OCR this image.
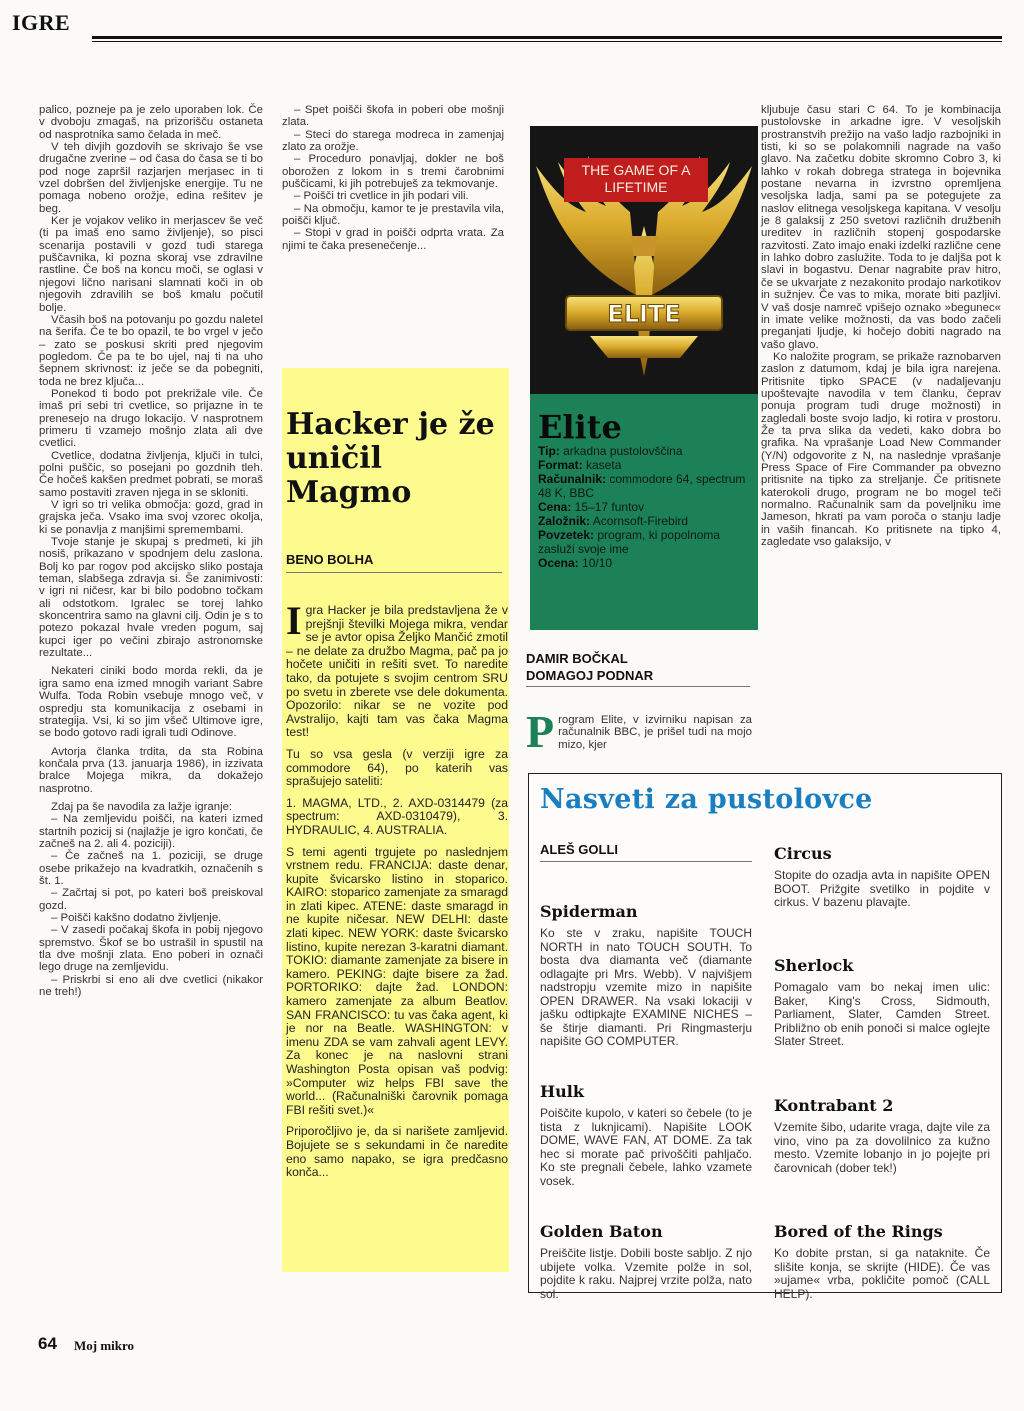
IGRE

palico, pozneje pa je zelo uporaben lok. Če v dvoboju zmagaš, na prizorišču ostaneta od nasprotnika samo čelada in meč.

V teh divjih gozdovih se skrivajo še vse drugačne zverine – od časa do časa se ti bo pod noge zapršil razjarjen merjasec in ti vzel dobršen del življenjske energije. Tu ne pomaga nobeno orožje, edina rešitev je beg.

Ker je vojakov veliko in merjascev še več (ti pa imaš eno samo življenje), so pisci scenarija postavili v gozd tudi starega puščavnika, ki pozna skoraj vse zdravilne rastline. Če boš na koncu moči, se oglasi v njegovi lično narisani slamnati koči in ob njegovih zdravilih se boš kmalu počutil bolje.

Včasih boš na potovanju po gozdu naletel na šerifa. Če te bo opazil, te bo vrgel v ječo – zato se poskusi skriti pred njegovim pogledom. Če pa te bo ujel, naj ti na uho šepnem skrivnost: iz ječe se da pobegniti, toda ne brez ključa...

Ponekod ti bodo pot prekrižale vile. Če imaš pri sebi tri cvetlice, so prijazne in te prenesejo na drugo lokacijo. V nasprotnem primeru ti vzamejo mošnjo zlata ali dve cvetlici.

Cvetlice, dodatna življenja, ključi in tulci, polni puščic, so posejani po gozdnih tleh. Če hočeš kakšen predmet pobrati, se moraš samo postaviti zraven njega in se skloniti.

V igri so tri velika območja: gozd, grad in grajska ječa. Vsako ima svoj vzorec okolja, ki se ponavlja z manjšimi spremembami.

Tvoje stanje je skupaj s predmeti, ki jih nosiš, prikazano v spodnjem delu zaslona. Bolj ko par rogov pod akcijsko sliko postaja teman, slabšega zdravja si. Še zanimivosti: v igri ni ničesr, kar bi bilo podobno točkam ali odstotkom. Igralec se torej lahko skoncentrira samo na glavni cilj. Odin je s to potezo pokazal hvale vreden pogum, saj kupci iger po večini zbirajo astronomske rezultate...

Nekateri ciniki bodo morda rekli, da je igra samo ena izmed mnogih variant Sabre Wulfa. Toda Robin vsebuje mnogo več, v ospredju sta komunikacija z osebami in strategija. Vsi, ki so jim všeč Ultimove igre, se bodo gotovo radi igrali tudi Odinove.

Avtorja članka trdita, da sta Robina končala prva (13. januarja 1986), in izzivata bralce Mojega mikra, da dokažejo nasprotno.

Zdaj pa še navodila za lažje igranje:

– Na zemljevidu poišči, na kateri izmed startnih pozicij si (najlažje je igro končati, če začneš na 2. ali 4. poziciji).

– Če začneš na 1. poziciji, se druge osebe prikažejo na kvadratkih, označenih s št. 1.

– Začrtaj si pot, po kateri boš preiskoval gozd.

– Poišči kakšno dodatno življenje.

– V zasedi počakaj škofa in pobij njegovo spremstvo. Škof se bo ustrašil in spustil na tla dve mošnji zlata. Eno poberi in označi lego druge na zemljevidu.

– Priskrbi si eno ali dve cvetlici (nikakor ne treh!)

– Spet poišči škofa in poberi obe mošnji zlata.

– Steci do starega modreca in zamenjaj zlato za orožje.

– Proceduro ponavljaj, dokler ne boš oborožen z lokom in s tremi čarobnimi puščicami, ki jih potrebuješ za tekmovanje.

– Poišči tri cvetlice in jih podari vili.

– Na območju, kamor te je prestavila vila, poišči ključ.

– Stopi v grad in poišči odprta vrata. Za njimi te čaka presenečenje...

Hacker je že uničil Magmo
BENO BOLHA

Igra Hacker je bila predstavljena že v prejšnji številki Mojega mikra, vendar se je avtor opisa Željko Mančić zmotil – ne delate za družbo Magma, pač pa jo hočete uničiti in rešiti svet. To naredite tako, da potujete s svojim centrom SRU po svetu in zberete vse dele dokumenta. Opozorilo: nikar se ne vozite pod Avstralijo, kajti tam vas čaka Magma test!

Tu so vsa gesla (v verziji igre za commodore 64), po katerih vas sprašujejo sateliti:

1. MAGMA, LTD., 2. AXD-0314479 (za spectrum: AXD-0310479), 3. HYDRAULIC, 4. AUSTRALIA.

S temi agenti trgujete po naslednjem vrstnem redu. FRANCIJA: daste denar, kupite švicarsko listino in stoparico. KAIRO: stoparico zamenjate za smaragd in zlati kipec. ATENE: daste smaragd in ne kupite ničesar. NEW DELHI: daste zlati kipec. NEW YORK: daste švicarsko listino, kupite nerezan 3-karatni diamant. TOKIO: diamante zamenjate za bisere in kamero. PEKING: dajte bisere za žad. PORTORIKO: dajte žad. LONDON: kamero zamenjate za album Beatlov. SAN FRANCISCO: tu vas čaka agent, ki je nor na Beatle. WASHINGTON: v imenu ZDA se vam zahvali agent LEVY. Za konec je na naslovni strani Washington Posta opisan vaš podvig: »Computer wiz helps FBI save the world... (Računalniški čarovnik pomaga FBI rešiti svet.)«

Priporočljivo je, da si narišete zamljevid. Bojujete se s sekundami in če naredite eno samo napako, se igra predčasno konča...

ELITE
THE GAME OF A LIFETIME
Elite
Tip: arkadna pustolovščina
Format: kaseta
Računalnik: commodore 64, spectrum 48 K, BBC
Cena: 15–17 funtov
Založnik: Acornsoft-Firebird
Povzetek: program, ki popolnoma zasluži svoje ime
Ocena: 10/10
DAMIR BOČKAL
DOMAGOJ PODNAR
Program Elite, v izvirniku napisan za računalnik BBC, je prišel tudi na mojo mizo, kjer

kljubuje času stari C 64. To je kombinacija pustolovske in arkadne igre. V vesoljskih prostranstvih prežijo na vašo ladjo razbojniki in tisti, ki so se polakomnili nagrade na vašo glavo. Na začetku dobite skromno Cobro 3, ki lahko v rokah dobrega stratega in bojevnika postane nevarna in izvrstno opremljena vesoljska ladja, sami pa se potegujete za naslov elitnega vesoljskega kapitana. V vesolju je 8 galaksij z 250 svetovi različnih družbenih ureditev in različnih stopenj gospodarske razvitosti. Zato imajo enaki izdelki različne cene in lahko dobro zaslužite. Toda to je daljša pot k slavi in bogastvu. Denar nagrabite prav hitro, če se ukvarjate z nezakonito prodajo narkotikov in sužnjev. Če vas to mika, morate biti pazljivi. V vaš dosje namreč vpišejo oznako »begunec« in imate velike možnosti, da vas bodo začeli preganjati ljudje, ki hočejo dobiti nagrado na vašo glavo.

Ko naložite program, se prikaže raznobarven zaslon z datumom, kdaj je bila igra narejena. Pritisnite tipko SPACE (v nadaljevanju upoštevajte navodila v tem članku, čeprav ponuja program tudi druge možnosti) in zagledali boste svojo ladjo, ki rotira v prostoru. Že ta prva slika da vedeti, kako dobra bo grafika. Na vprašanje Load New Commander (Y/N) odgovorite z N, na naslednje vprašanje Press Space of Fire Commander pa obvezno pritisnite na tipko za streljanje. Če pritisnete katerokoli drugo, program ne bo mogel teči normalno. Računalnik sam da poveljniku ime Jameson, hkrati pa vam poroča o stanju ladje in vaših financah. Ko pritisnete na tipko 4, zagledate vso galaksijo, v

Nasveti za pustolovce
ALEŠ GOLLI
Spiderman
Ko ste v zraku, napišite TOUCH NORTH in nato TOUCH SOUTH. To bosta dva diamanta več (diamante odlagajte pri Mrs. Webb). V najvišjem nadstropju vzemite mizo in napišite OPEN DRAWER. Na vsaki lokaciji v jašku odtipkajte EXAMINE NICHES – še štirje diamanti. Pri Ringmasterju napišite GO COMPUTER.
Hulk
Poiščite kupolo, v kateri so čebele (to je tista z luknjicami). Napišite LOOK DOME, WAVE FAN, AT DOME. Za tak hec si morate pač privoščiti pahljačo. Ko ste pregnali čebele, lahko vzamete vosek.
Golden Baton
Preiščite listje. Dobili boste sabljo. Z njo ubijete volka. Vzemite polže in sol, pojdite k raku. Najprej vrzite polža, nato sol.
Circus
Stopite do ozadja avta in napišite OPEN BOOT. Prižgite svetilko in pojdite v cirkus. V bazenu plavajte.
Sherlock
Pomagalo vam bo nekaj imen ulic: Baker, King's Cross, Sidmouth, Parliament, Slater, Camden Street. Približno ob enih ponoči si malce oglejte Slater Street.
Kontrabant 2
Vzemite šibo, udarite vraga, dajte vile za vino, vino pa za dovolilnico za kužno mesto. Vzemite lobanjo in jo pojejte pri čarovnicah (dober tek!)
Bored of the Rings
Ko dobite prstan, si ga nataknite. Če slišite konja, se skrijte (HIDE). Če vas »ujame« vrba, pokličite pomoč (CALL HELP).
64 Moj mikro
